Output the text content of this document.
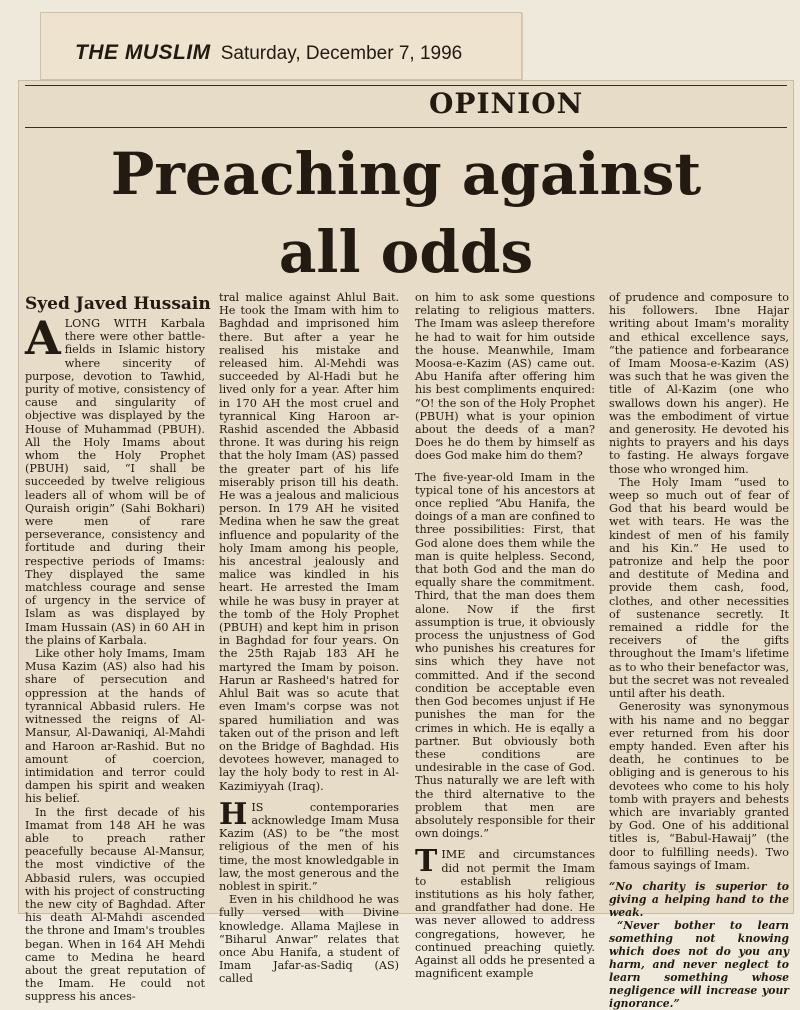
THE MUSLIM Saturday, December 7, 1996
OPINION
Preaching against
all odds
Syed Javed Hussain

ALONG WITH Karbala there were other battle-fields in Islamic history where sincerity of purpose, devotion to Tawhid, purity of motive, consistency of cause and singularity of objective was displayed by the House of Muhammad (PBUH). All the Holy Imams about whom the Holy Prophet (PBUH) said, “I shall be succeeded by twelve religious leaders all of whom will be of Quraish origin” (Sahi Bokhari) were men of rare perseverance, consistency and fortitude and during their respective periods of Imams: They displayed the same matchless courage and sense of urgency in the service of Islam as was displayed by Imam Hussain (AS) in 60 AH in the plains of Karbala.

Like other holy Imams, Imam Musa Kazim (AS) also had his share of persecution and oppression at the hands of tyrannical Abbasid rulers. He witnessed the reigns of Al-Mansur, Al-Dawaniqi, Al-Mahdi and Haroon ar-Rashid. But no amount of coercion, intimidation and terror could dampen his spirit and weaken his belief.

In the first decade of his Imamat from 148 AH he was able to preach rather peacefully because Al-Mansur, the most vindictive of the Abbasid rulers, was occupied with his project of constructing the new city of Baghdad. After his death Al-Mahdi ascended the throne and Imam's troubles began. When in 164 AH Mehdi came to Medina he heard about the great reputation of the Imam. He could not suppress his ances-

tral malice against Ahlul Bait. He took the Imam with him to Baghdad and imprisoned him there. But after a year he realised his mistake and released him. Al-Mehdi was succeeded by Al-Hadi but he lived only for a year. After him in 170 AH the most cruel and tyrannical King Haroon ar-Rashid ascended the Abbasid throne. It was during his reign that the holy Imam (AS) passed the greater part of his life miserably prison till his death. He was a jealous and malicious person. In 179 AH he visited Medina when he saw the great influence and popularity of the holy Imam among his people, his ancestral jealously and malice was kindled in his heart. He arrested the Imam while he was busy in prayer at the tomb of the Holy Prophet (PBUH) and kept him in prison in Baghdad for four years. On the 25th Rajab 183 AH he martyred the Imam by poison. Harun ar Rasheed's hatred for Ahlul Bait was so acute that even Imam's corpse was not spared humiliation and was taken out of the prison and left on the Bridge of Baghdad. His devotees however, managed to lay the holy body to rest in Al-Kazimiyyah (Iraq).

HIS contemporaries acknowledge Imam Musa Kazim (AS) to be “the most religious of the men of his time, the most knowledgable in law, the most generous and the noblest in spirit.”

Even in his childhood he was fully versed with Divine knowledge. Allama Majlese in “Biharul Anwar” relates that once Abu Hanifa, a student of Imam Jafar-as-Sadiq (AS) called

on him to ask some questions relating to religious matters. The Imam was asleep therefore he had to wait for him outside the house. Meanwhile, Imam Moosa-e-Kazim (AS) came out. Abu Hanifa after offering him his best compliments enquired: “O! the son of the Holy Prophet (PBUH) what is your opinion about the deeds of a man? Does he do them by himself as does God make him do them?

The five-year-old Imam in the typical tone of his ancestors at once replied “Abu Hanifa, the doings of a man are confined to three possibilities: First, that God alone does them while the man is quite helpless. Second, that both God and the man do equally share the commitment. Third, that the man does them alone. Now if the first assumption is true, it obviously process the unjustness of God who punishes his creatures for sins which they have not committed. And if the second condition be acceptable even then God becomes unjust if He punishes the man for the crimes in which. He is eqally a partner. But obviously both these conditions are undesirable in the case of God. Thus naturally we are left with the third alternative to the problem that men are absolutely responsible for their own doings.”

TIME and circumstances did not permit the Imam to establish religious institutions as his holy father, and grandfather had done. He was never allowed to address congregations, however, he continued preaching quietly. Against all odds he presented a magnificent example

of prudence and composure to his followers. Ibne Hajar writing about Imam's morality and ethical excellence says, “the patience and forbearance of Imam Moosa-e-Kazim (AS) was such that he was given the title of Al-Kazim (one who swallows down his anger). He was the embodiment of virtue and generosity. He devoted his nights to prayers and his days to fasting. He always forgave those who wronged him.

The Holy Imam “used to weep so much out of fear of God that his beard would be wet with tears. He was the kindest of men of his family and his Kin.” He used to patronize and help the poor and destitute of Medina and provide them cash, food, clothes, and other necessities of sustenance secretly. It remained a riddle for the receivers of the gifts throughout the Imam's lifetime as to who their benefactor was, but the secret was not revealed until after his death.

Generosity was synonymous with his name and no beggar ever returned from his door empty handed. Even after his death, he continues to be obliging and is generous to his devotees who come to his holy tomb with prayers and behests which are invariably granted by God. One of his additional titles is, “Babul-Hawaij” (the door to fulfilling needs). Two famous sayings of Imam.

“No charity is superior to giving a helping hand to the weak.

“Never bother to learn something not knowing which does not do you any harm, and never neglect to learn something whose negligence will increase your ignorance.”
